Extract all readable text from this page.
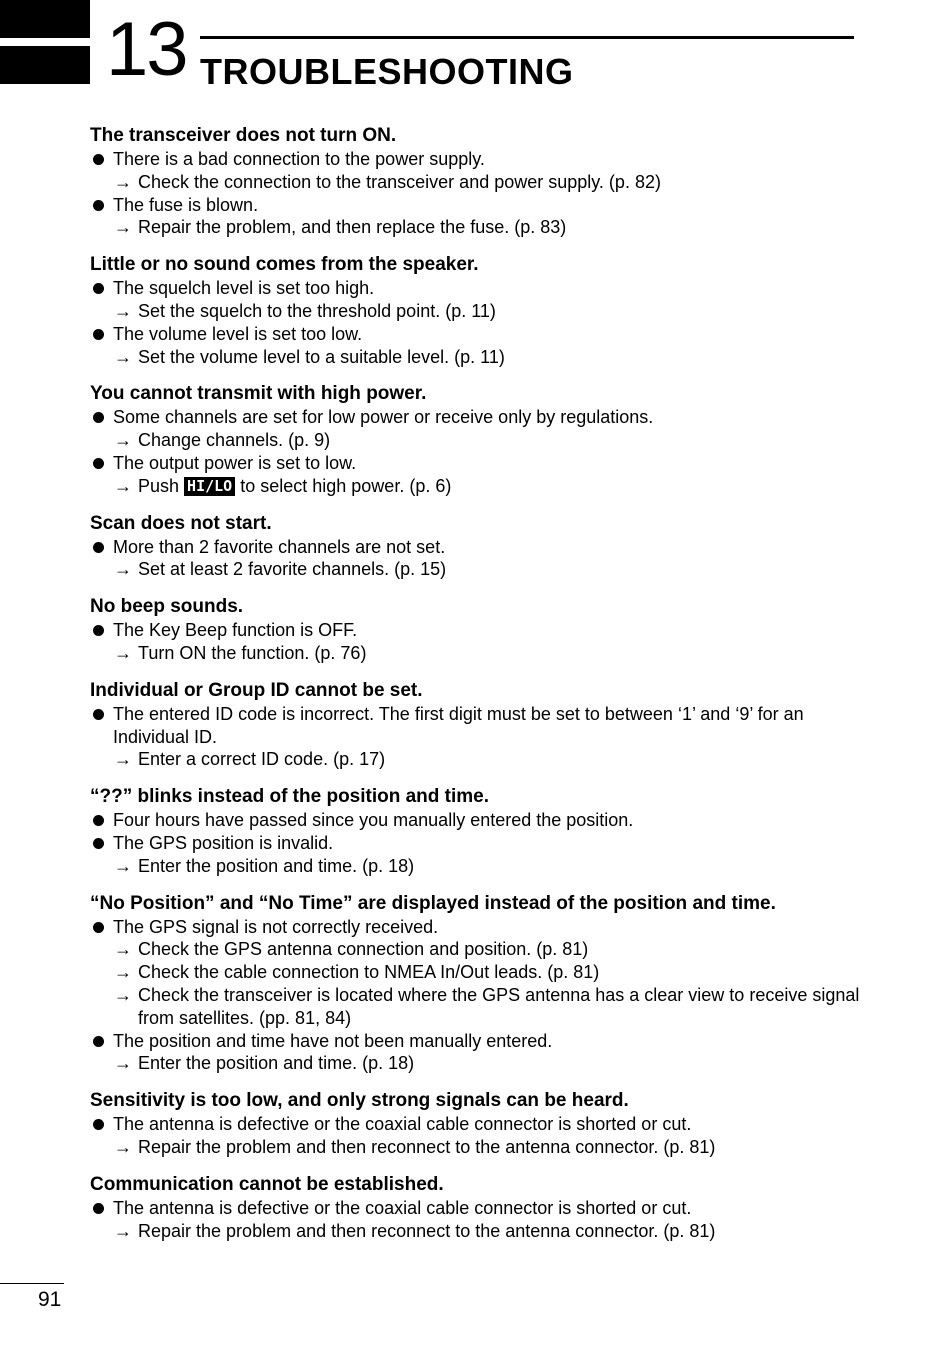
13 TROUBLESHOOTING
The transceiver does not turn ON.
There is a bad connection to the power supply.
→ Check the connection to the transceiver and power supply. (p. 82)
The fuse is blown.
→ Repair the problem, and then replace the fuse. (p. 83)
Little or no sound comes from the speaker.
The squelch level is set too high.
→ Set the squelch to the threshold point. (p. 11)
The volume level is set too low.
→ Set the volume level to a suitable level. (p. 11)
You cannot transmit with high power.
Some channels are set for low power or receive only by regulations.
→ Change channels. (p. 9)
The output power is set to low.
→ Push HI/LO to select high power. (p. 6)
Scan does not start.
More than 2 favorite channels are not set.
→ Set at least 2 favorite channels. (p. 15)
No beep sounds.
The Key Beep function is OFF.
→ Turn ON the function. (p. 76)
Individual or Group ID cannot be set.
The entered ID code is incorrect. The first digit must be set to between ‘1’ and ‘9’ for an Individual ID.
→ Enter a correct ID code. (p. 17)
“??” blinks instead of the position and time.
Four hours have passed since you manually entered the position.
The GPS position is invalid.
→ Enter the position and time. (p. 18)
“No Position” and “No Time” are displayed instead of the position and time.
The GPS signal is not correctly received.
→ Check the GPS antenna connection and position. (p. 81)
→ Check the cable connection to NMEA In/Out leads. (p. 81)
→ Check the transceiver is located where the GPS antenna has a clear view to receive signal from satellites. (pp. 81, 84)
The position and time have not been manually entered.
→ Enter the position and time. (p. 18)
Sensitivity is too low, and only strong signals can be heard.
The antenna is defective or the coaxial cable connector is shorted or cut.
→ Repair the problem and then reconnect to the antenna connector. (p. 81)
Communication cannot be established.
The antenna is defective or the coaxial cable connector is shorted or cut.
→ Repair the problem and then reconnect to the antenna connector. (p. 81)
91
